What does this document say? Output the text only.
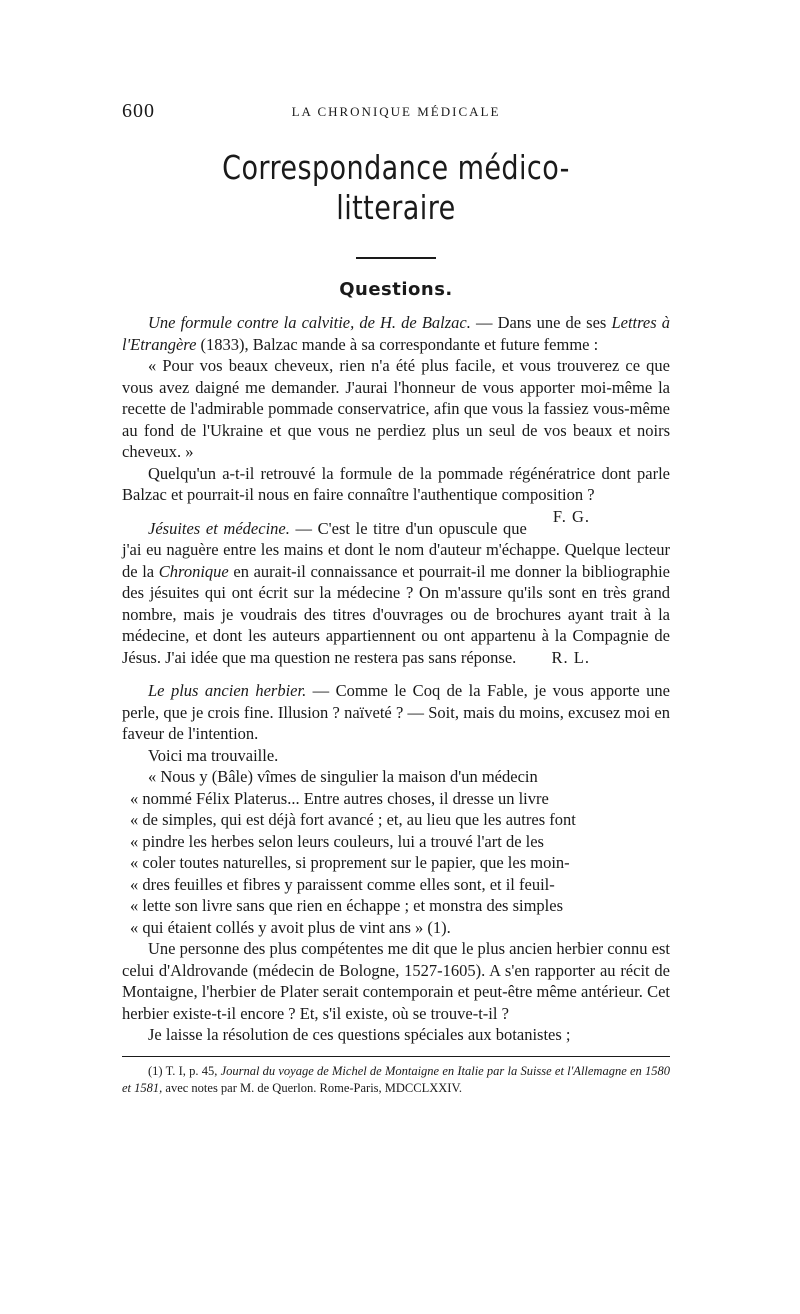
600	LA CHRONIQUE MÉDICALE
Correspondance médico-litteraire
Questions.

Une formule contre la calvitie, de H. de Balzac. — Dans une de ses Lettres à l'Etrangère (1833), Balzac mande à sa correspondante et future femme :

« Pour vos beaux cheveux, rien n'a été plus facile, et vous trouverez ce que vous avez daigné me demander. J'aurai l'honneur de vous apporter moi-même la recette de l'admirable pommade conservatrice, afin que vous la fassiez vous-même au fond de l'Ukraine et que vous ne perdiez plus un seul de vos beaux et noirs cheveux. »

Quelqu'un a-t-il retrouvé la formule de la pommade régénératrice dont parle Balzac et pourrait-il nous en faire connaître l'authentique composition ?
F. G.

Jésuites et médecine. — C'est le titre d'un opuscule que j'ai eu naguère entre les mains et dont le nom d'auteur m'échappe. Quelque lecteur de la Chronique en aurait-il connaissance et pourrait-il me donner la bibliographie des jésuites qui ont écrit sur la médecine ? On m'assure qu'ils sont en très grand nombre, mais je voudrais des titres d'ouvrages ou de brochures ayant trait à la médecine, et dont les auteurs appartiennent ou ont appartenu à la Compagnie de Jésus. J'ai idée que ma question ne restera pas sans réponse.	R. L.

Le plus ancien herbier. — Comme le Coq de la Fable, je vous apporte une perle, que je crois fine. Illusion ? naïveté ? — Soit, mais du moins, excusez moi en faveur de l'intention.

Voici ma trouvaille.

« Nous y (Bâle) vîmes de singulier la maison d'un médecin

« nommé Félix Platerus... Entre autres choses, il dresse un livre

« de simples, qui est déjà fort avancé ; et, au lieu que les autres font

« pindre les herbes selon leurs couleurs, lui a trouvé l'art de les

« coler toutes naturelles, si proprement sur le papier, que les moin-

« dres feuilles et fibres y paraissent comme elles sont, et il feuil-

« lette son livre sans que rien en échappe ; et monstra des simples

« qui étaient collés y avoit plus de vint ans » (1).

Une personne des plus compétentes me dit que le plus ancien herbier connu est celui d'Aldrovande (médecin de Bologne, 1527-1605). A s'en rapporter au récit de Montaigne, l'herbier de Plater serait contemporain et peut-être même antérieur. Cet herbier existe-t-il encore ? Et, s'il existe, où se trouve-t-il ?

Je laisse la résolution de ces questions spéciales aux botanistes ;

(1) T. I, p. 45, Journal du voyage de Michel de Montaigne en Italie par la Suisse et l'Allemagne en 1580 et 1581, avec notes par M. de Querlon. Rome-Paris, MDCCLXXIV.
